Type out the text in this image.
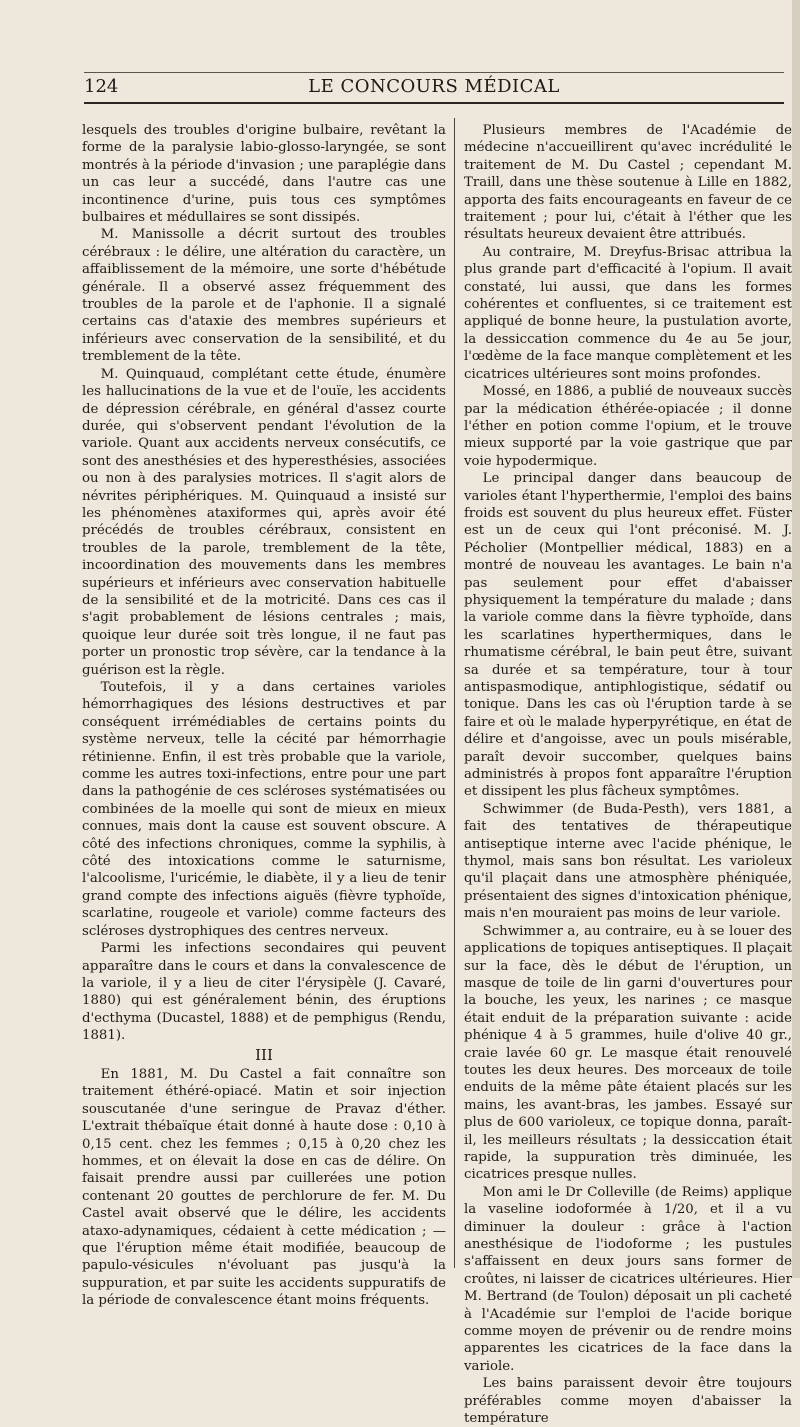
124	LE CONCOURS MÉDICAL

lesquels des troubles d'origine bulbaire, revêtant la forme de la paralysie labio-glosso-laryngée, se sont montrés à la période d'invasion ; une paraplégie dans un cas leur a succédé, dans l'autre cas une incontinence d'urine, puis tous ces symptômes bulbaires et médullaires se sont dissipés.

M. Manissolle a décrit surtout des troubles cérébraux : le délire, une altération du caractère, un affaiblissement de la mémoire, une sorte d'hébétude générale. Il a observé assez fréquemment des troubles de la parole et de l'aphonie. Il a signalé certains cas d'ataxie des membres supérieurs et inférieurs avec conservation de la sensibilité, et du tremblement de la tête.

M. Quinquaud, complétant cette étude, énumère les hallucinations de la vue et de l'ouïe, les accidents de dépression cérébrale, en général d'assez courte durée, qui s'observent pendant l'évolution de la variole. Quant aux accidents nerveux consécutifs, ce sont des anesthésies et des hyperesthésies, associées ou non à des paralysies motrices. Il s'agit alors de névrites périphériques. M. Quinquaud a insisté sur les phénomènes ataxiformes qui, après avoir été précédés de troubles cérébraux, consistent en troubles de la parole, tremblement de la tête, incoordination des mouvements dans les membres supérieurs et inférieurs avec conservation habituelle de la sensibilité et de la motricité. Dans ces cas il s'agit probablement de lésions centrales ; mais, quoique leur durée soit très longue, il ne faut pas porter un pronostic trop sévère, car la tendance à la guérison est la règle.

Toutefois, il y a dans certaines varioles hémorrhagiques des lésions destructives et par conséquent irrémédiables de certains points du système nerveux, telle la cécité par hémorrhagie rétinienne. Enfin, il est très probable que la variole, comme les autres toxi-infections, entre pour une part dans la pathogénie de ces scléroses systématisées ou combinées de la moelle qui sont de mieux en mieux connues, mais dont la cause est souvent obscure. A côté des infections chroniques, comme la syphilis, à côté des intoxications comme le saturnisme, l'alcoolisme, l'uricémie, le diabète, il y a lieu de tenir grand compte des infections aiguës (fièvre typhoïde, scarlatine, rougeole et variole) comme facteurs des scléroses dystrophiques des centres nerveux.

Parmi les infections secondaires qui peuvent apparaître dans le cours et dans la convalescence de la variole, il y a lieu de citer l'érysipèle (J. Cavaré, 1880) qui est généralement bénin, des éruptions d'ecthyma (Ducastel, 1888) et de pemphigus (Rendu, 1881).

III

En 1881, M. Du Castel a fait connaître son traitement éthéré-opiacé. Matin et soir injection souscutanée d'une seringue de Pravaz d'éther. L'extrait thébaïque était donné à haute dose : 0,10 à 0,15 cent. chez les femmes ; 0,15 à 0,20 chez les hommes, et on élevait la dose en cas de délire. On faisait prendre aussi par cuillerées une potion contenant 20 gouttes de perchlorure de fer. M. Du Castel avait observé que le délire, les accidents ataxo-adynamiques, cédaient à cette médication ; — que l'éruption même était modifiée, beaucoup de papulo-vésicules n'évoluant pas jusqu'à la suppuration, et par suite les accidents suppuratifs de la période de convalescence étant moins fréquents.

Plusieurs membres de l'Académie de médecine n'accueillirent qu'avec incrédulité le traitement de M. Du Castel ; cependant M. Traill, dans une thèse soutenue à Lille en 1882, apporta des faits encourageants en faveur de ce traitement ; pour lui, c'était à l'éther que les résultats heureux devaient être attribués.

Au contraire, M. Dreyfus-Brisac attribua la plus grande part d'efficacité à l'opium. Il avait constaté, lui aussi, que dans les formes cohérentes et confluentes, si ce traitement est appliqué de bonne heure, la pustulation avorte, la dessiccation commence du 4e au 5e jour, l'œdème de la face manque complètement et les cicatrices ultérieures sont moins profondes.

Mossé, en 1886, a publié de nouveaux succès par la médication éthérée-opiacée ; il donne l'éther en potion comme l'opium, et le trouve mieux supporté par la voie gastrique que par voie hypodermique.

Le principal danger dans beaucoup de varioles étant l'hyperthermie, l'emploi des bains froids est souvent du plus heureux effet. Füster est un de ceux qui l'ont préconisé. M. J. Pécholier (Montpellier médical, 1883) en a montré de nouveau les avantages. Le bain n'a pas seulement pour effet d'abaisser physiquement la température du malade ; dans la variole comme dans la fièvre typhoïde, dans les scarlatines hyperthermiques, dans le rhumatisme cérébral, le bain peut être, suivant sa durée et sa température, tour à tour antispasmodique, antiphlogistique, sédatif ou tonique. Dans les cas où l'éruption tarde à se faire et où le malade hyperpyrétique, en état de délire et d'angoisse, avec un pouls misérable, paraît devoir succomber, quelques bains administrés à propos font apparaître l'éruption et dissipent les plus fâcheux symptômes.

Schwimmer (de Buda-Pesth), vers 1881, a fait des tentatives de thérapeutique antiseptique interne avec l'acide phénique, le thymol, mais sans bon résultat. Les varioleux qu'il plaçait dans une atmosphère phéniquée, présentaient des signes d'intoxication phénique, mais n'en mouraient pas moins de leur variole.

Schwimmer a, au contraire, eu à se louer des applications de topiques antiseptiques. Il plaçait sur la face, dès le début de l'éruption, un masque de toile de lin garni d'ouvertures pour la bouche, les yeux, les narines ; ce masque était enduit de la préparation suivante : acide phénique 4 à 5 grammes, huile d'olive 40 gr., craie lavée 60 gr. Le masque était renouvelé toutes les deux heures. Des morceaux de toile enduits de la même pâte étaient placés sur les mains, les avant-bras, les jambes. Essayé sur plus de 600 varioleux, ce topique donna, paraît-il, les meilleurs résultats ; la dessiccation était rapide, la suppuration très diminuée, les cicatrices presque nulles.

Mon ami le Dr Colleville (de Reims) applique la vaseline iodoformée à 1/20, et il a vu diminuer la douleur : grâce à l'action anesthésique de l'iodoforme ; les pustules s'affaissent en deux jours sans former de croûtes, ni laisser de cicatrices ultérieures. Hier M. Bertrand (de Toulon) déposait un pli cacheté à l'Académie sur l'emploi de l'acide borique comme moyen de prévenir ou de rendre moins apparentes les cicatrices de la face dans la variole.

Les bains paraissent devoir être toujours préférables comme moyen d'abaisser la température
